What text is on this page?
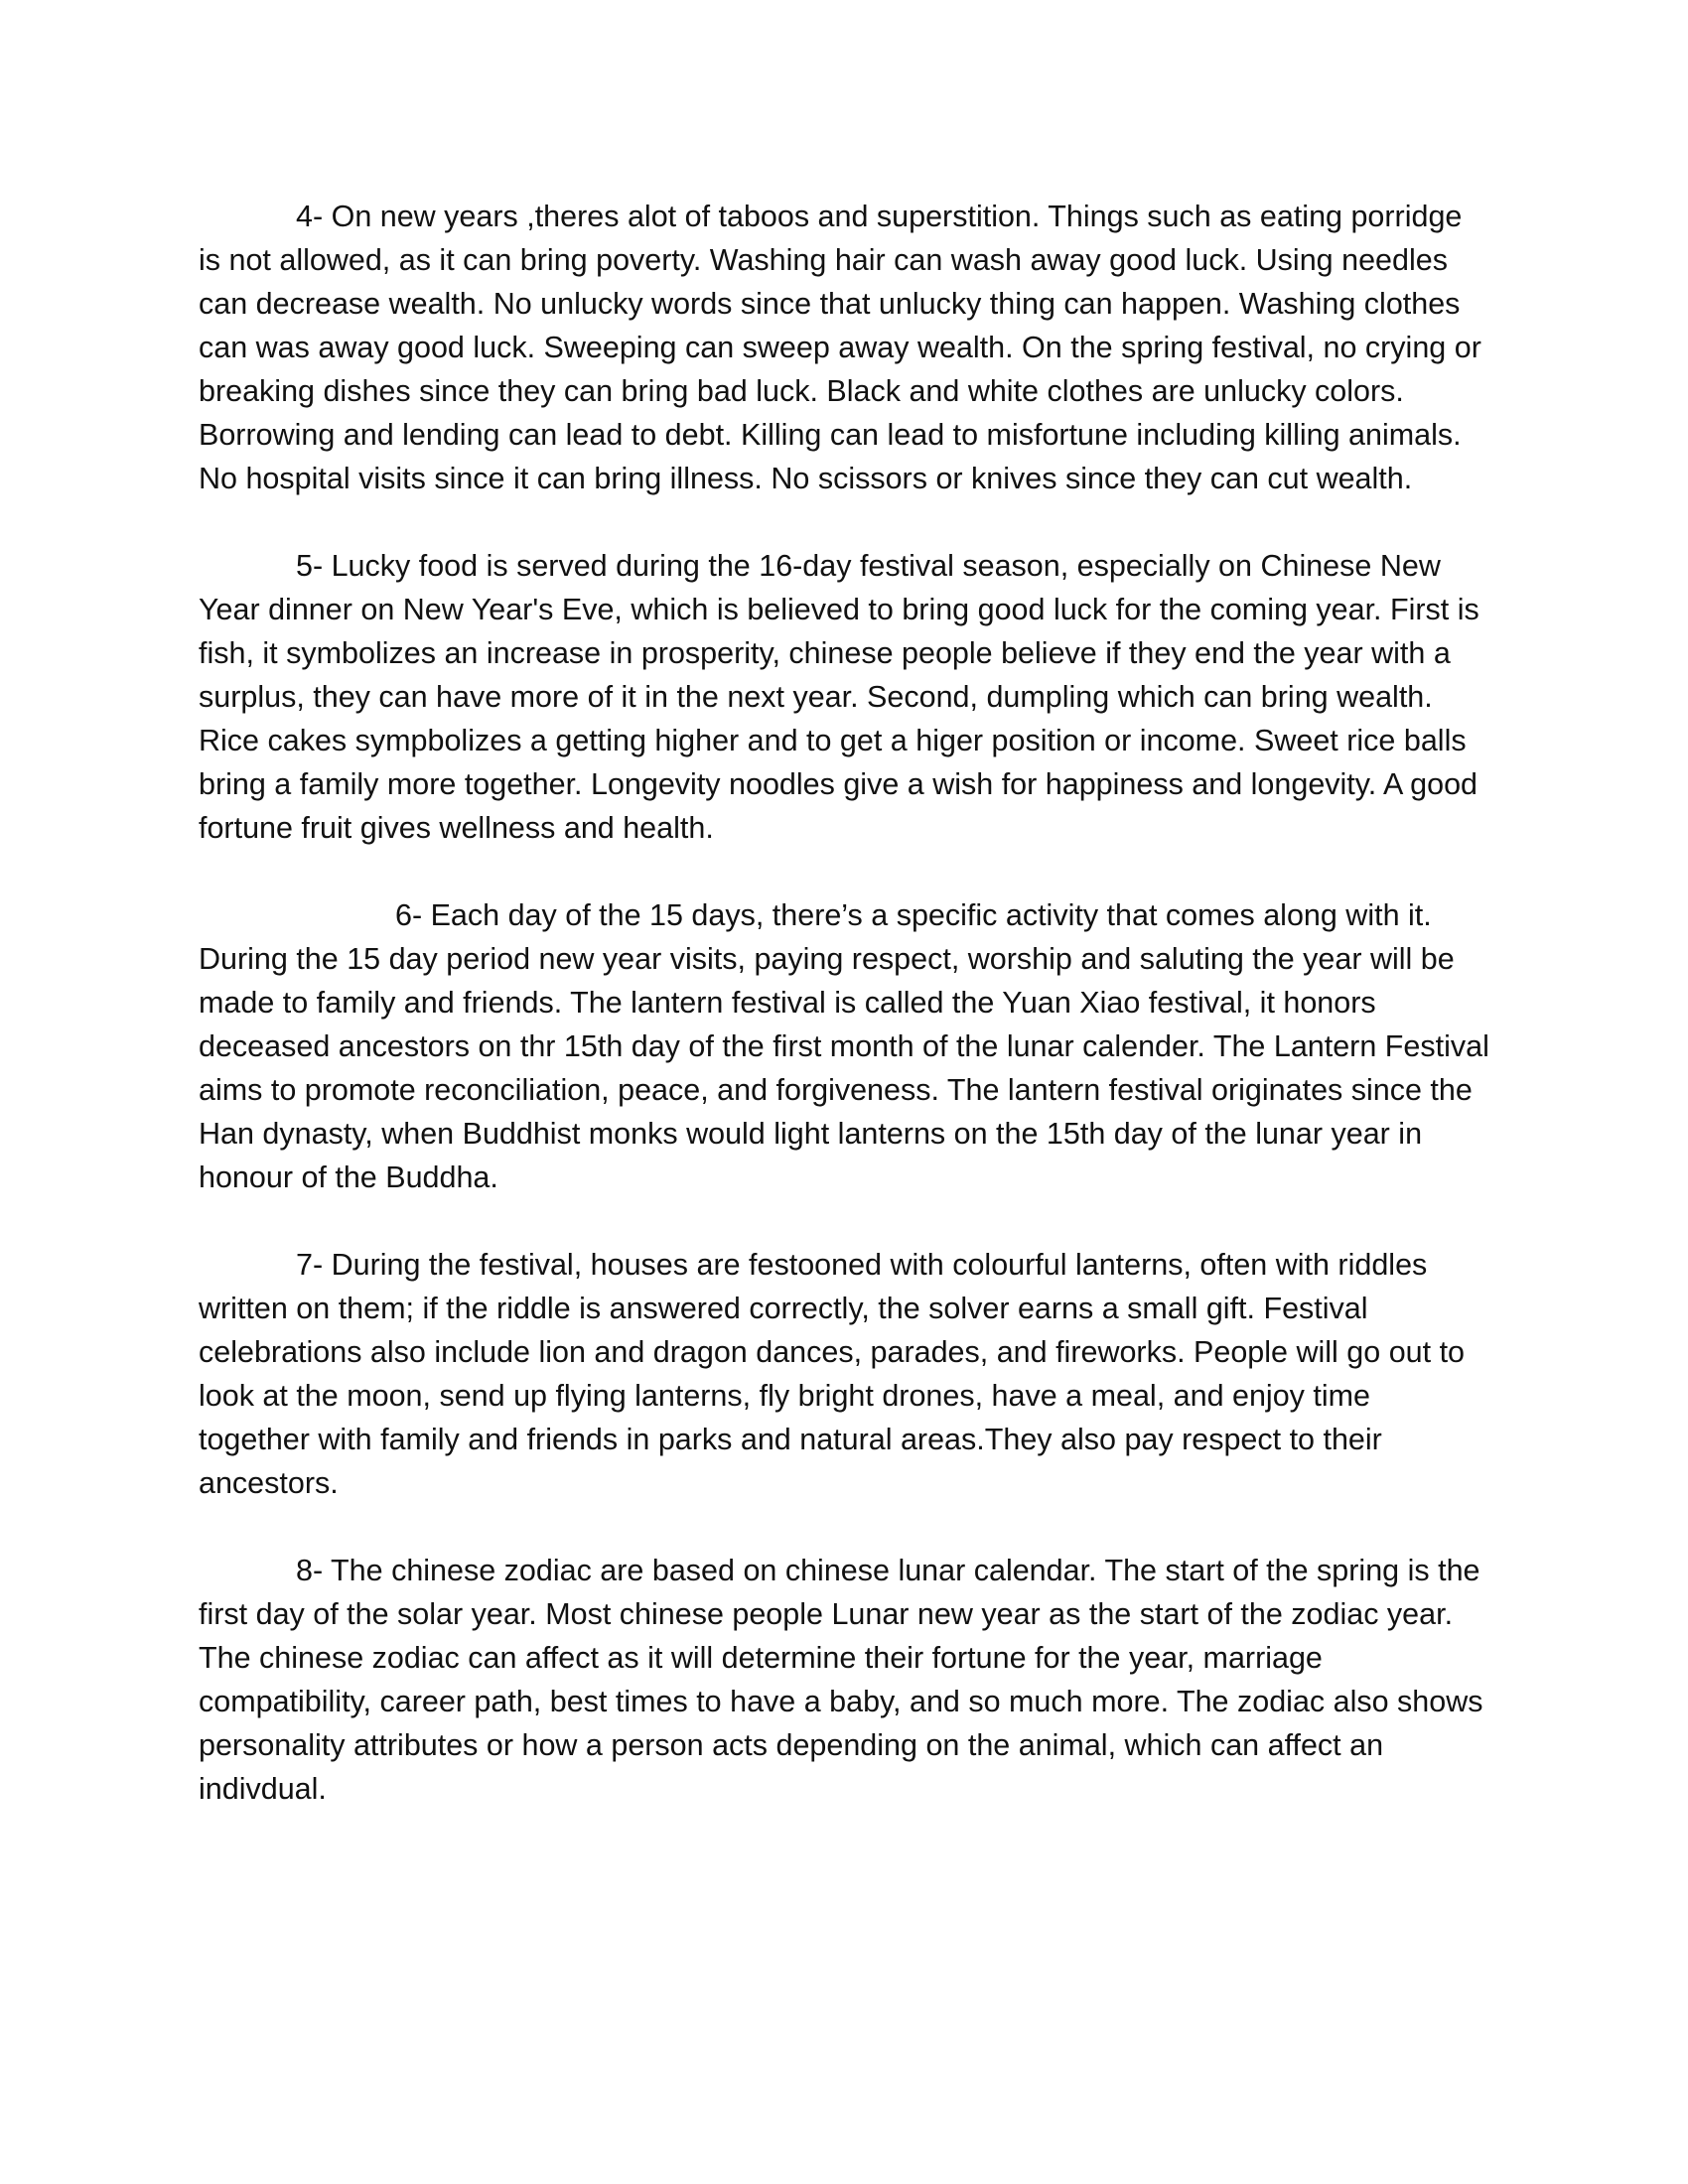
4- On new years ,theres alot of taboos and superstition. Things such as eating porridge is not allowed, as it can bring poverty. Washing hair can wash away good luck. Using needles can decrease wealth. No unlucky words since that unlucky thing can happen. Washing clothes can was away good luck. Sweeping can sweep away wealth. On the spring festival, no crying or breaking dishes since they can bring bad luck. Black and white clothes are unlucky colors. Borrowing and lending can lead to debt. Killing can lead to misfortune including killing animals. No hospital visits since it can bring illness. No scissors or knives since they can cut wealth.

5- Lucky food is served during the 16-day festival season, especially on Chinese New Year dinner on New Year's Eve, which is believed to bring good luck for the coming year. First is fish, it symbolizes an increase in prosperity, chinese people believe if they end the year with a surplus, they can have more of it in the next year. Second, dumpling which can bring wealth. Rice cakes sympbolizes a getting higher and to get a higer position or income. Sweet rice balls bring a family more together. Longevity noodles give a wish for happiness and longevity. A good fortune fruit gives wellness and health.

6- Each day of the 15 days, there’s a specific activity that comes along with it. During the 15 day period new year visits, paying respect, worship and saluting the year will be made to family and friends. The lantern festival is called the Yuan Xiao festival, it honors deceased ancestors on thr 15th day of the first month of the lunar calender. The Lantern Festival aims to promote reconciliation, peace, and forgiveness. The lantern festival originates since the Han dynasty, when Buddhist monks would light lanterns on the 15th day of the lunar year in honour of the Buddha.

7- During the festival, houses are festooned with colourful lanterns, often with riddles written on them; if the riddle is answered correctly, the solver earns a small gift. Festival celebrations also include lion and dragon dances, parades, and fireworks. People will go out to look at the moon, send up flying lanterns, fly bright drones, have a meal, and enjoy time together with family and friends in parks and natural areas.They also pay respect to their ancestors.

8- The chinese zodiac are based on chinese lunar calendar. The start of the spring is the first day of the solar year. Most chinese people Lunar new year as the start of the zodiac year. The chinese zodiac can affect as it will determine their fortune for the year, marriage compatibility, career path, best times to have a baby, and so much more. The zodiac also shows personality attributes or how a person acts depending on the animal, which can affect an indivdual.
